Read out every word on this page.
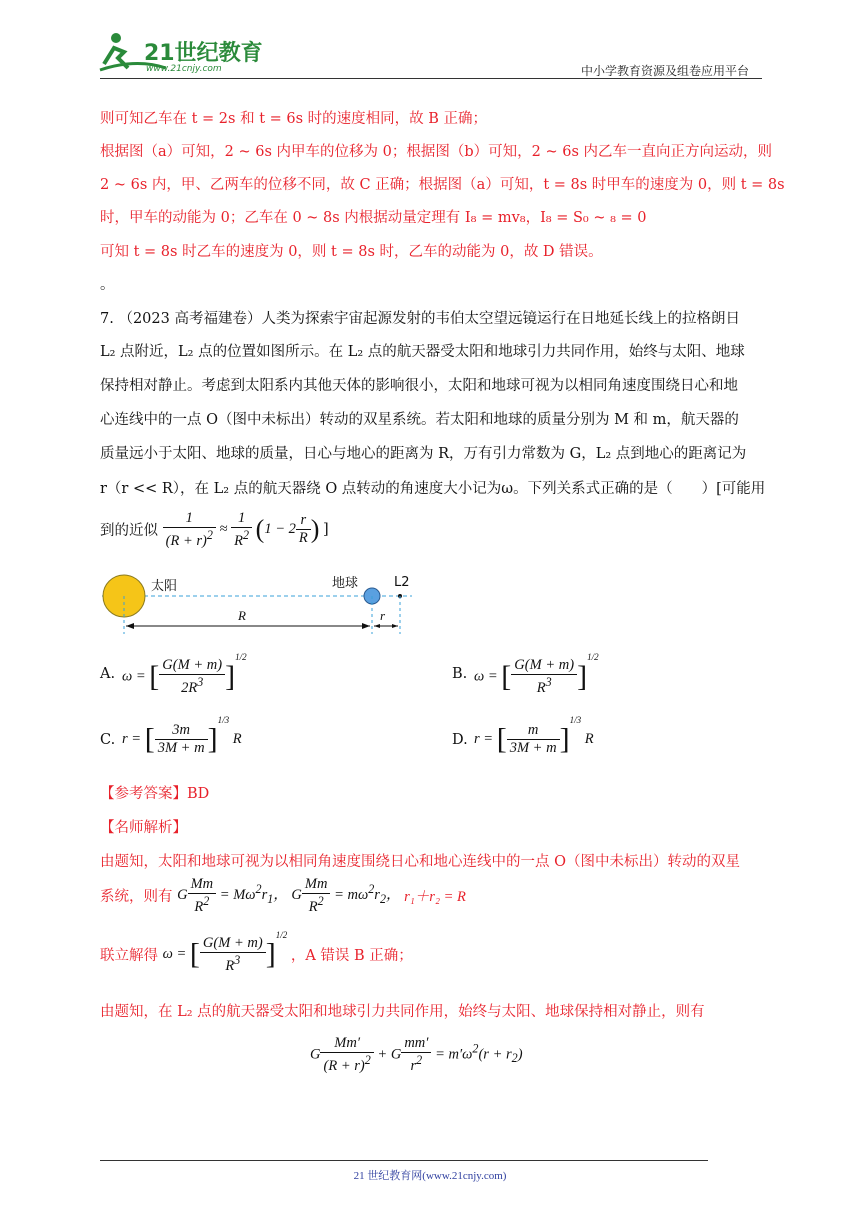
21世纪教育
www.21cnjy.com	中小学教育资源及组卷应用平台
则可知乙车在 t = 2s 和 t = 6s 时的速度相同，故 B 正确；
根据图（a）可知，2 ~ 6s 内甲车的位移为 0；根据图（b）可知，2 ~ 6s 内乙车一直向正方向运动，则
2 ~ 6s 内，甲、乙两车的位移不同，故 C 正确；根据图（a）可知，t = 8s 时甲车的速度为 0，则 t = 8s
时，甲车的动能为 0；乙车在 0 ~ 8s 内根据动量定理有 I₈ = mv₈，I₈ = S₀ ~ ₈ = 0
可知 t = 8s 时乙车的速度为 0，则 t = 8s 时，乙车的动能为 0，故 D 错误。
。
7. （2023 高考福建卷）人类为探索宇宙起源发射的韦伯太空望远镜运行在日地延长线上的拉格朗日
L₂ 点附近，L₂ 点的位置如图所示。在 L₂ 点的航天器受太阳和地球引力共同作用，始终与太阳、地球
保持相对静止。考虑到太阳系内其他天体的影响很小，太阳和地球可视为以相同角速度围绕日心和地
心连线中的一点 O（图中未标出）转动的双星系统。若太阳和地球的质量分别为 M 和 m，航天器的
质量远小于太阳、地球的质量，日心与地心的距离为 R，万有引力常数为 G，L₂ 点到地心的距离记为
r（r << R），在 L₂ 点的航天器绕 O 点转动的角速度大小记为ω。下列关系式正确的是（　　）[可能用
到的近似 $\frac{1}{(R + r)^2} \approx \frac{1}{R^2} (1 - 2 \frac{r}{R}$ ) ]
太阳	地球	L2
R	r
A. ω = [ $\frac{G(M + m)}{2R^3} ]^{1/2}$
B. ω = [ $\frac{G(M + m)}{R^3} ]^{1/2}$
C. r = [ $\frac{3m}{3M + m} ]^{1/3}$ R	D. r = [ $\frac{m}{3M + m} ]^{1/3}$ R
【参考答案】BD
【名师解析】
由题知，太阳和地球可视为以相同角速度围绕日心和地心连线中的一点 O（图中未标出）转动的双星
系统，则有 G $\frac{Mm}{R^2} = M\omega^2r_1$， G $\frac{Mm}{R^2} = m\omega^2r_2$， r₁＋r₂ = R
联立解得 ω = [ $\frac{G(M + m)}{R^3} ]^{1/2}$ ，A 错误 B 正确；
由题知，在 L₂ 点的航天器受太阳和地球引力共同作用，始终与太阳、地球保持相对静止，则有
G $\frac{Mm'}{(R + r)^2} + G \frac{mm'}{r^2} = m'\omega^2(r + r_2)$
21 世纪教育网(www.21cnjy.com)
